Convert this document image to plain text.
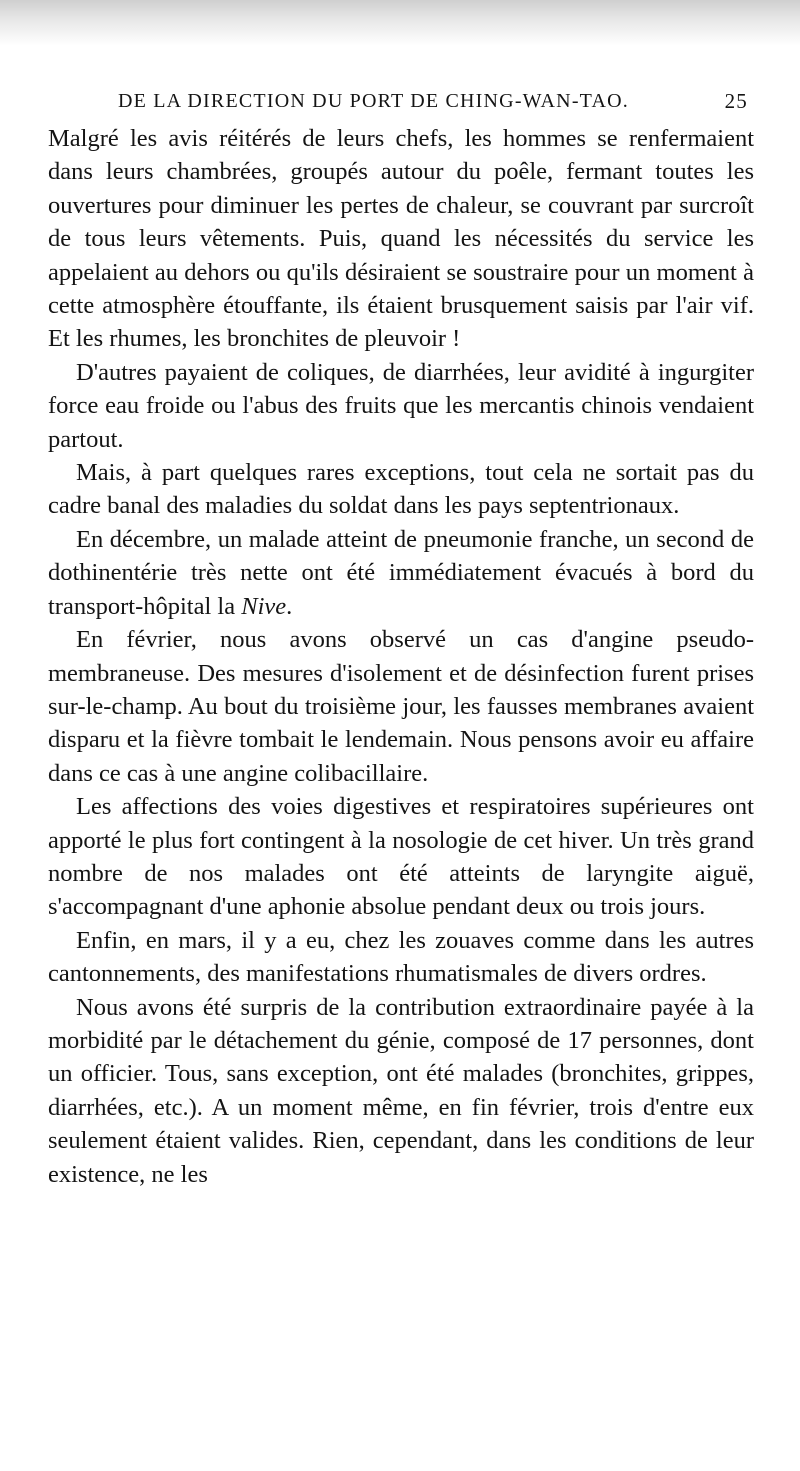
DE LA DIRECTION DU PORT DE CHING-WAN-TAO.	25

Malgré les avis réitérés de leurs chefs, les hommes se renfermaient dans leurs chambrées, groupés autour du poêle, fermant toutes les ouvertures pour diminuer les pertes de chaleur, se couvrant par surcroît de tous leurs vêtements. Puis, quand les nécessités du service les appelaient au dehors ou qu'ils désiraient se soustraire pour un moment à cette atmosphère étouffante, ils étaient brusquement saisis par l'air vif. Et les rhumes, les bronchites de pleuvoir !

D'autres payaient de coliques, de diarrhées, leur avidité à ingurgiter force eau froide ou l'abus des fruits que les mercantis chinois vendaient partout.

Mais, à part quelques rares exceptions, tout cela ne sortait pas du cadre banal des maladies du soldat dans les pays septentrionaux.

En décembre, un malade atteint de pneumonie franche, un second de dothinentérie très nette ont été immédiatement évacués à bord du transport-hôpital la Nive.

En février, nous avons observé un cas d'angine pseudo-membraneuse. Des mesures d'isolement et de désinfection furent prises sur-le-champ. Au bout du troisième jour, les fausses membranes avaient disparu et la fièvre tombait le lendemain. Nous pensons avoir eu affaire dans ce cas à une angine colibacillaire.

Les affections des voies digestives et respiratoires supérieures ont apporté le plus fort contingent à la nosologie de cet hiver. Un très grand nombre de nos malades ont été atteints de laryngite aiguë, s'accompagnant d'une aphonie absolue pendant deux ou trois jours.

Enfin, en mars, il y a eu, chez les zouaves comme dans les autres cantonnements, des manifestations rhumatismales de divers ordres.

Nous avons été surpris de la contribution extraordinaire payée à la morbidité par le détachement du génie, composé de 17 personnes, dont un officier. Tous, sans exception, ont été malades (bronchites, grippes, diarrhées, etc.). A un moment même, en fin février, trois d'entre eux seulement étaient valides. Rien, cependant, dans les conditions de leur existence, ne les
